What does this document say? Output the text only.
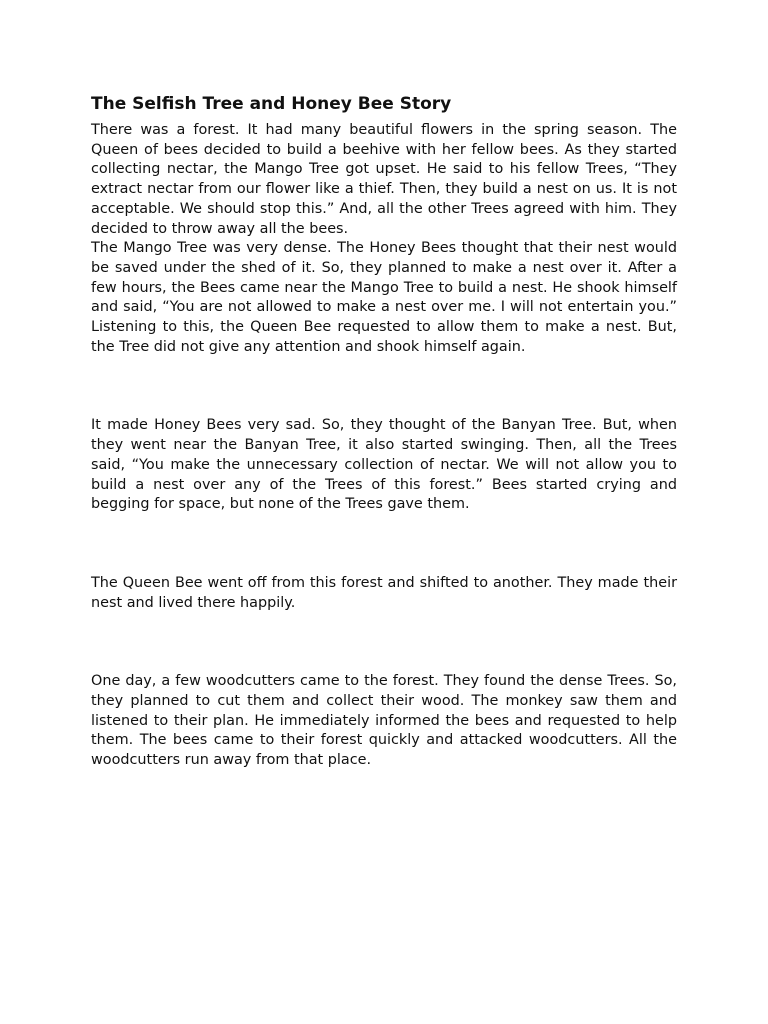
The Selfish Tree and Honey Bee Story

There was a forest. It had many beautiful flowers in the spring season. The Queen of bees decided to build a beehive with her fellow bees. As they started collecting nectar, the Mango Tree got upset. He said to his fellow Trees, “They extract nectar from our flower like a thief. Then, they build a nest on us. It is not acceptable. We should stop this.” And, all the other Trees agreed with him. They decided to throw away all the bees.

The Mango Tree was very dense. The Honey Bees thought that their nest would be saved under the shed of it. So, they planned to make a nest over it. After a few hours, the Bees came near the Mango Tree to build a nest. He shook himself and said, “You are not allowed to make a nest over me. I will not entertain you.” Listening to this, the Queen Bee requested to allow them to make a nest. But, the Tree did not give any attention and shook himself again.

It made Honey Bees very sad. So, they thought of the Banyan Tree. But, when they went near the Banyan Tree, it also started swinging. Then, all the Trees said, “You make the unnecessary collection of nectar. We will not allow you to build a nest over any of the Trees of this forest.” Bees started crying and begging for space, but none of the Trees gave them.

The Queen Bee went off from this forest and shifted to another. They made their nest and lived there happily.

One day, a few woodcutters came to the forest. They found the dense Trees. So, they planned to cut them and collect their wood. The monkey saw them and listened to their plan. He immediately informed the bees and requested to help them. The bees came to their forest quickly and attacked woodcutters. All the woodcutters run away from that place.
